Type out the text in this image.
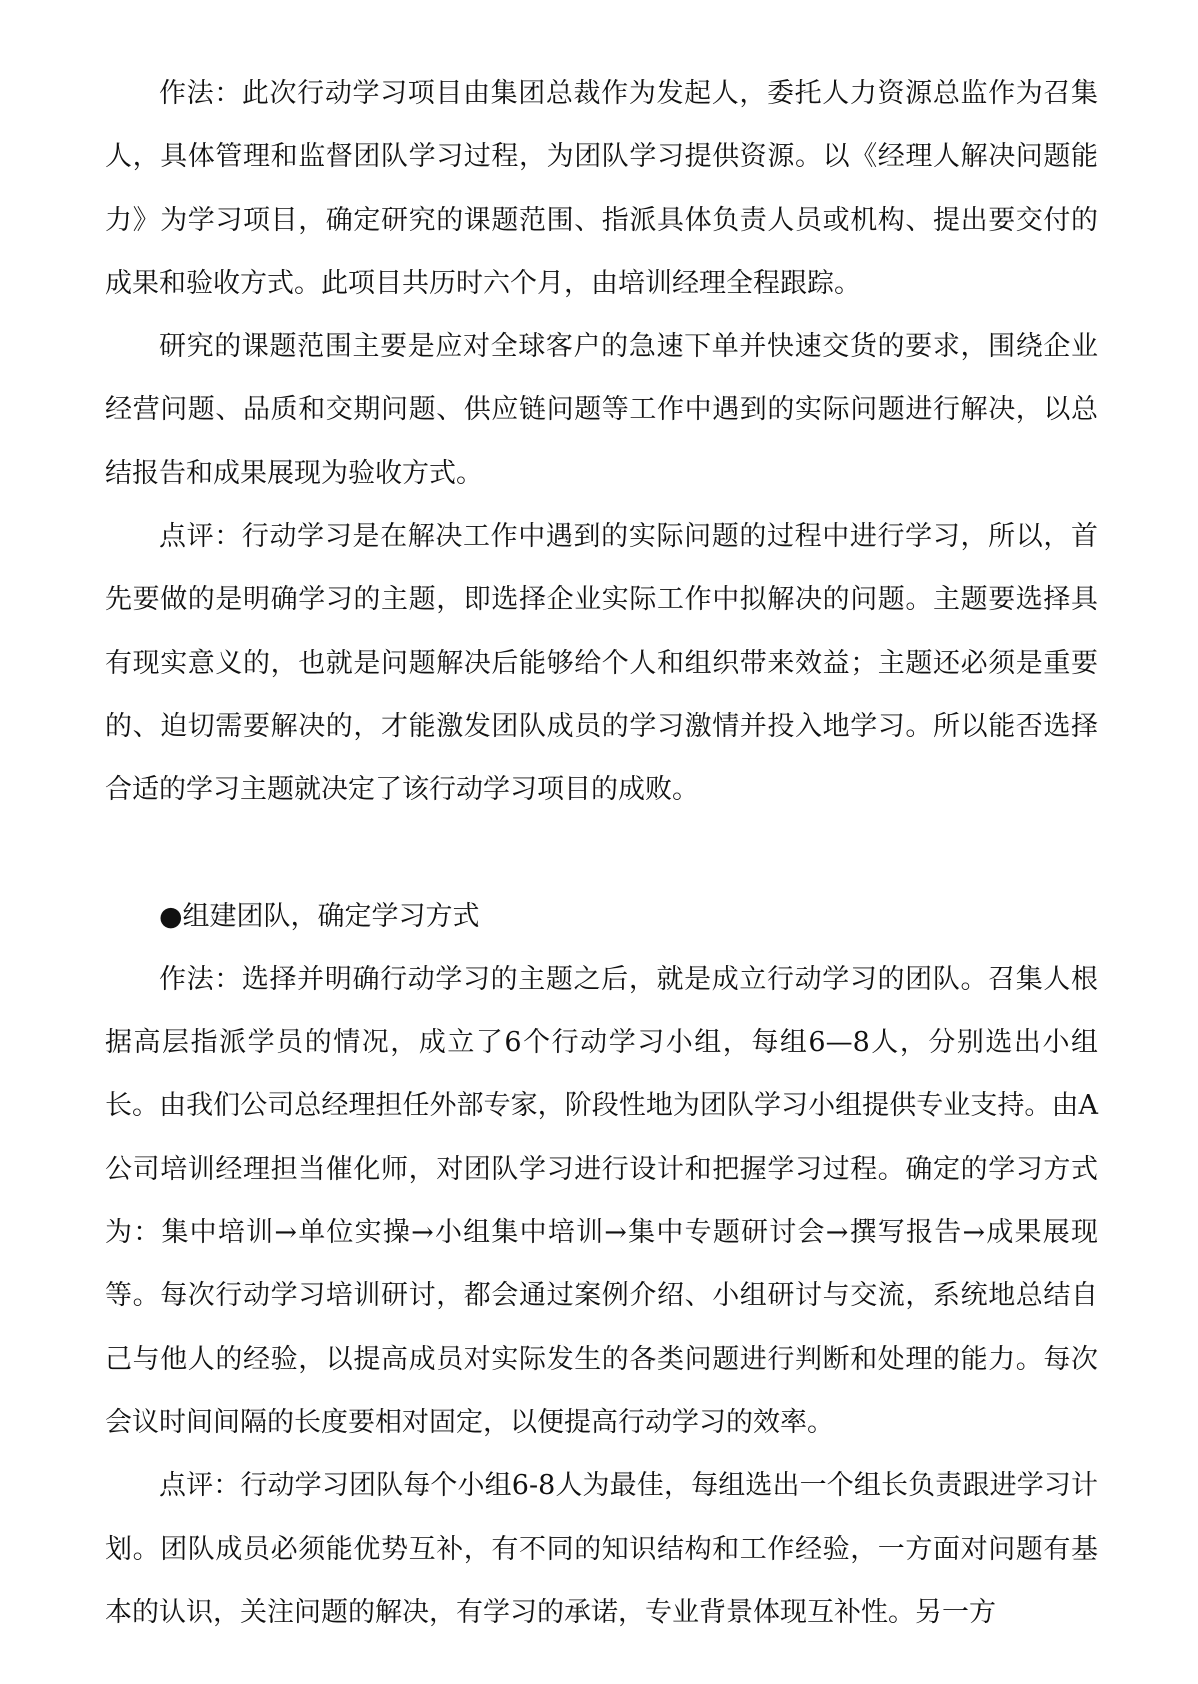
作法：此次行动学习项目由集团总裁作为发起人，委托人力资源总监作为召集人，具体管理和监督团队学习过程，为团队学习提供资源。以《经理人解决问题能力》为学习项目，确定研究的课题范围、指派具体负责人员或机构、提出要交付的成果和验收方式。此项目共历时六个月，由培训经理全程跟踪。

研究的课题范围主要是应对全球客户的急速下单并快速交货的要求，围绕企业经营问题、品质和交期问题、供应链问题等工作中遇到的实际问题进行解决，以总结报告和成果展现为验收方式。

点评：行动学习是在解决工作中遇到的实际问题的过程中进行学习，所以，首先要做的是明确学习的主题，即选择企业实际工作中拟解决的问题。主题要选择具有现实意义的，也就是问题解决后能够给个人和组织带来效益；主题还必须是重要的、迫切需要解决的，才能激发团队成员的学习激情并投入地学习。所以能否选择合适的学习主题就决定了该行动学习项目的成败。

●组建团队，确定学习方式

作法：选择并明确行动学习的主题之后，就是成立行动学习的团队。召集人根据高层指派学员的情况，成立了6个行动学习小组，每组6—8人，分别选出小组长。由我们公司总经理担任外部专家，阶段性地为团队学习小组提供专业支持。由A公司培训经理担当催化师，对团队学习进行设计和把握学习过程。确定的学习方式为：集中培训→单位实操→小组集中培训→集中专题研讨会→撰写报告→成果展现等。每次行动学习培训研讨，都会通过案例介绍、小组研讨与交流，系统地总结自己与他人的经验，以提高成员对实际发生的各类问题进行判断和处理的能力。每次会议时间间隔的长度要相对固定，以便提高行动学习的效率。

点评：行动学习团队每个小组6-8人为最佳，每组选出一个组长负责跟进学习计划。团队成员必须能优势互补，有不同的知识结构和工作经验，一方面对问题有基本的认识，关注问题的解决，有学习的承诺，专业背景体现互补性。另一方
